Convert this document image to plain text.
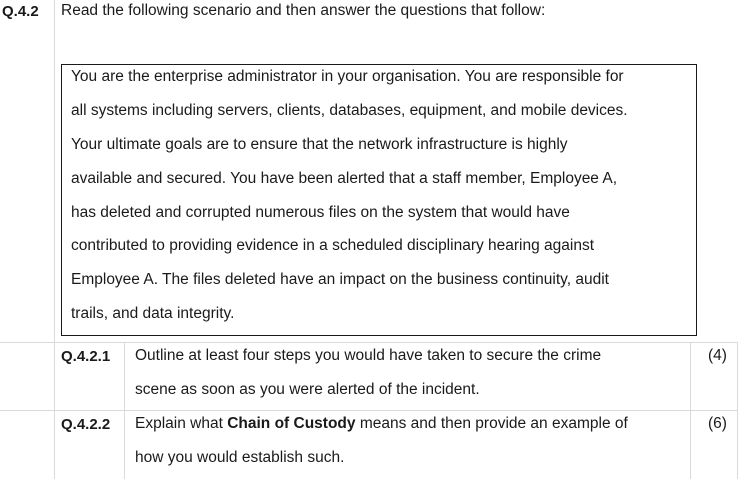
Q.4.2 Read the following scenario and then answer the questions that follow:
You are the enterprise administrator in your organisation. You are responsible for
all systems including servers, clients, databases, equipment, and mobile devices.
Your ultimate goals are to ensure that the network infrastructure is highly
available and secured. You have been alerted that a staff member, Employee A,
has deleted and corrupted numerous files on the system that would have
contributed to providing evidence in a scheduled disciplinary hearing against
Employee A. The files deleted have an impact on the business continuity, audit
trails, and data integrity.
Q.4.2.1 Outline at least four steps you would have taken to secure the crime
scene as soon as you were alerted of the incident.
(4)
Q.4.2.2 Explain what Chain of Custody means and then provide an example of
how you would establish such.
(6)
